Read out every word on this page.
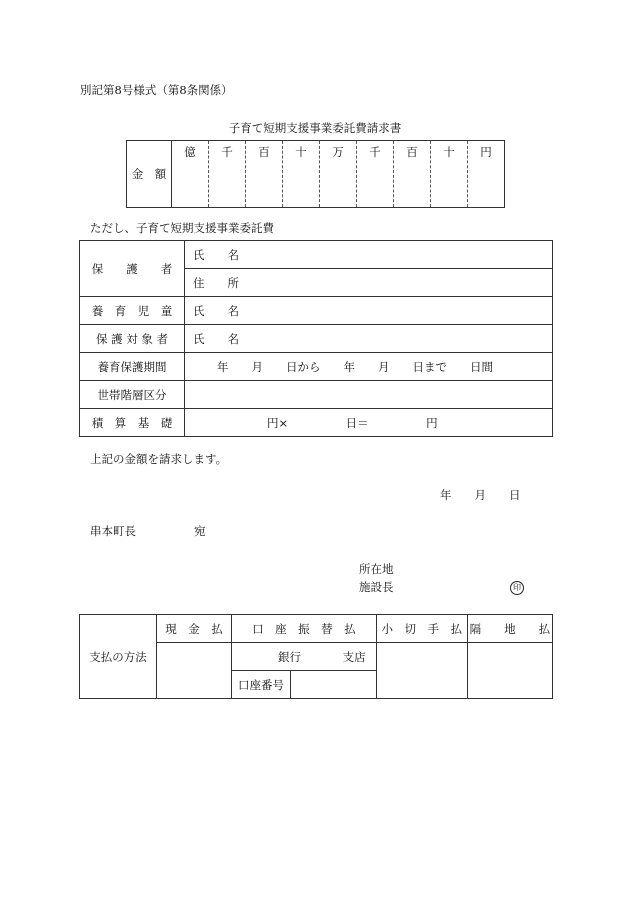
別記第8号様式（第8条関係）
子育て短期支援事業委託費請求書
金　額	億	千	百	十	万	千	百	十	円
ただし、子育て短期支援事業委託費
保　　護　　者	氏　　名
	住　　所
養　育　児　童	氏　　名
保 護 対 象 者	氏　　名
養育保護期間	年　　月　　日から　　年　　月　　日まで　　日間
世帯階層区分	
積　算　基　礎	円×　　　　　日＝　　　　　円
上記の金額を請求します。
年　　月　　日
串本町長	宛
所在地
施設長	印
支払の方法	現　金　払	口　座　振　替　払		小　切　手　払	隔　　地　　払
		銀行 支店			
		口座番号			
